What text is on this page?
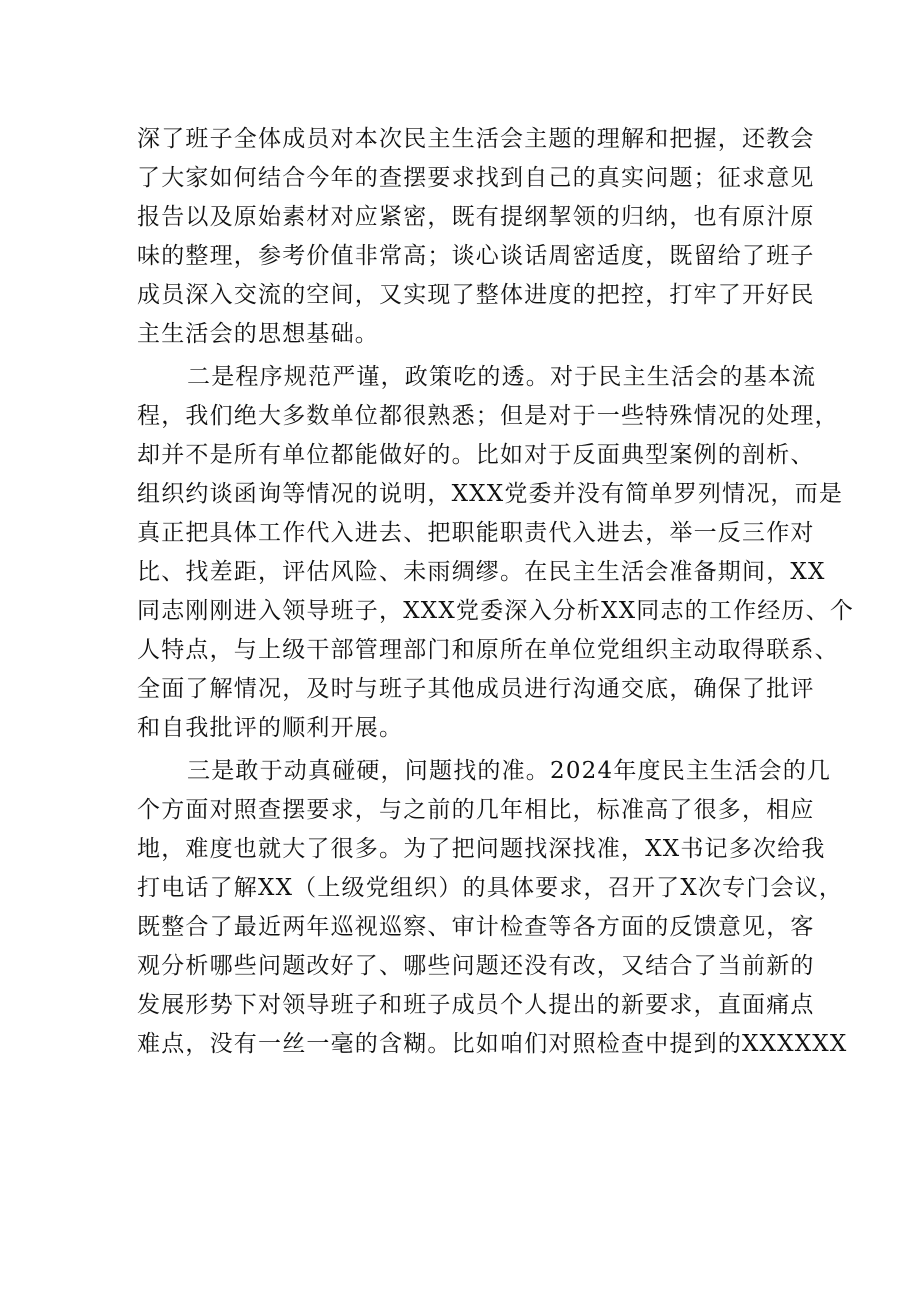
深了班子全体成员对本次民主生活会主题的理解和把握，还教会
了大家如何结合今年的查摆要求找到自己的真实问题；征求意见
报告以及原始素材对应紧密，既有提纲挈领的归纳，也有原汁原
味的整理，参考价值非常高；谈心谈话周密适度，既留给了班子
成员深入交流的空间，又实现了整体进度的把控，打牢了开好民
主生活会的思想基础。
二是程序规范严谨，政策吃的透。对于民主生活会的基本流
程，我们绝大多数单位都很熟悉；但是对于一些特殊情况的处理，
却并不是所有单位都能做好的。比如对于反面典型案例的剖析、
组织约谈函询等情况的说明，XXX党委并没有简单罗列情况，而是
真正把具体工作代入进去、把职能职责代入进去，举一反三作对
比、找差距，评估风险、未雨绸缪。在民主生活会准备期间，XX
同志刚刚进入领导班子，XXX党委深入分析XX同志的工作经历、个
人特点，与上级干部管理部门和原所在单位党组织主动取得联系、
全面了解情况，及时与班子其他成员进行沟通交底，确保了批评
和自我批评的顺利开展。
三是敢于动真碰硬，问题找的准。2024年度民主生活会的几
个方面对照查摆要求，与之前的几年相比，标准高了很多，相应
地，难度也就大了很多。为了把问题找深找准，XX书记多次给我
打电话了解XX（上级党组织）的具体要求，召开了X次专门会议，
既整合了最近两年巡视巡察、审计检查等各方面的反馈意见，客
观分析哪些问题改好了、哪些问题还没有改，又结合了当前新的
发展形势下对领导班子和班子成员个人提出的新要求，直面痛点
难点，没有一丝一毫的含糊。比如咱们对照检查中提到的XXXXXX
